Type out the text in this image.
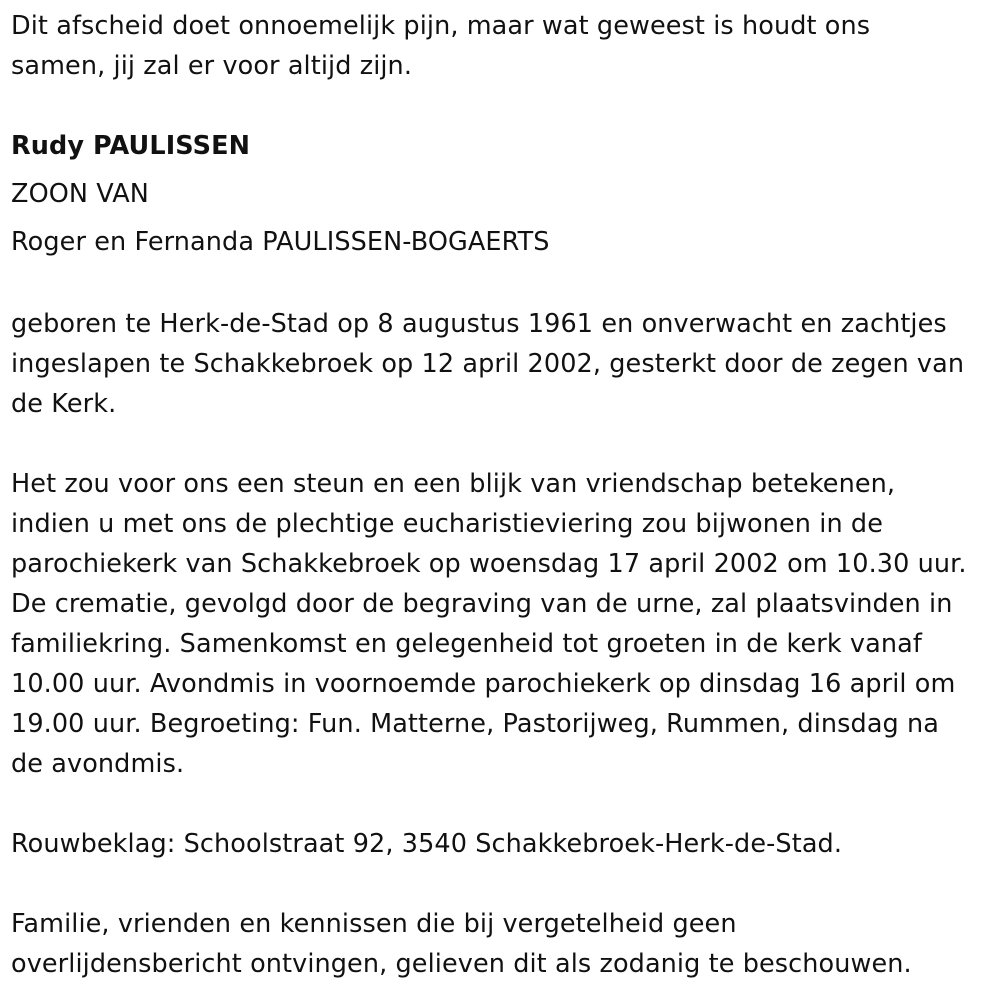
Dit afscheid doet onnoemelijk pijn, maar wat geweest is houdt ons
samen, jij zal er voor altijd zijn.
Rudy PAULISSEN
ZOON VAN
Roger en Fernanda PAULISSEN-BOGAERTS
geboren te Herk-de-Stad op 8 augustus 1961 en onverwacht en zachtjes
ingeslapen te Schakkebroek op 12 april 2002, gesterkt door de zegen van
de Kerk.
Het zou voor ons een steun en een blijk van vriendschap betekenen,
indien u met ons de plechtige eucharistieviering zou bijwonen in de
parochiekerk van Schakkebroek op woensdag 17 april 2002 om 10.30 uur.
De crematie, gevolgd door de begraving van de urne, zal plaatsvinden in
familiekring. Samenkomst en gelegenheid tot groeten in de kerk vanaf
10.00 uur. Avondmis in voornoemde parochiekerk op dinsdag 16 april om
19.00 uur. Begroeting: Fun. Matterne, Pastorijweg, Rummen, dinsdag na
de avondmis.
Rouwbeklag: Schoolstraat 92, 3540 Schakkebroek-Herk-de-Stad.
Familie, vrienden en kennissen die bij vergetelheid geen
overlijdensbericht ontvingen, gelieven dit als zodanig te beschouwen.
